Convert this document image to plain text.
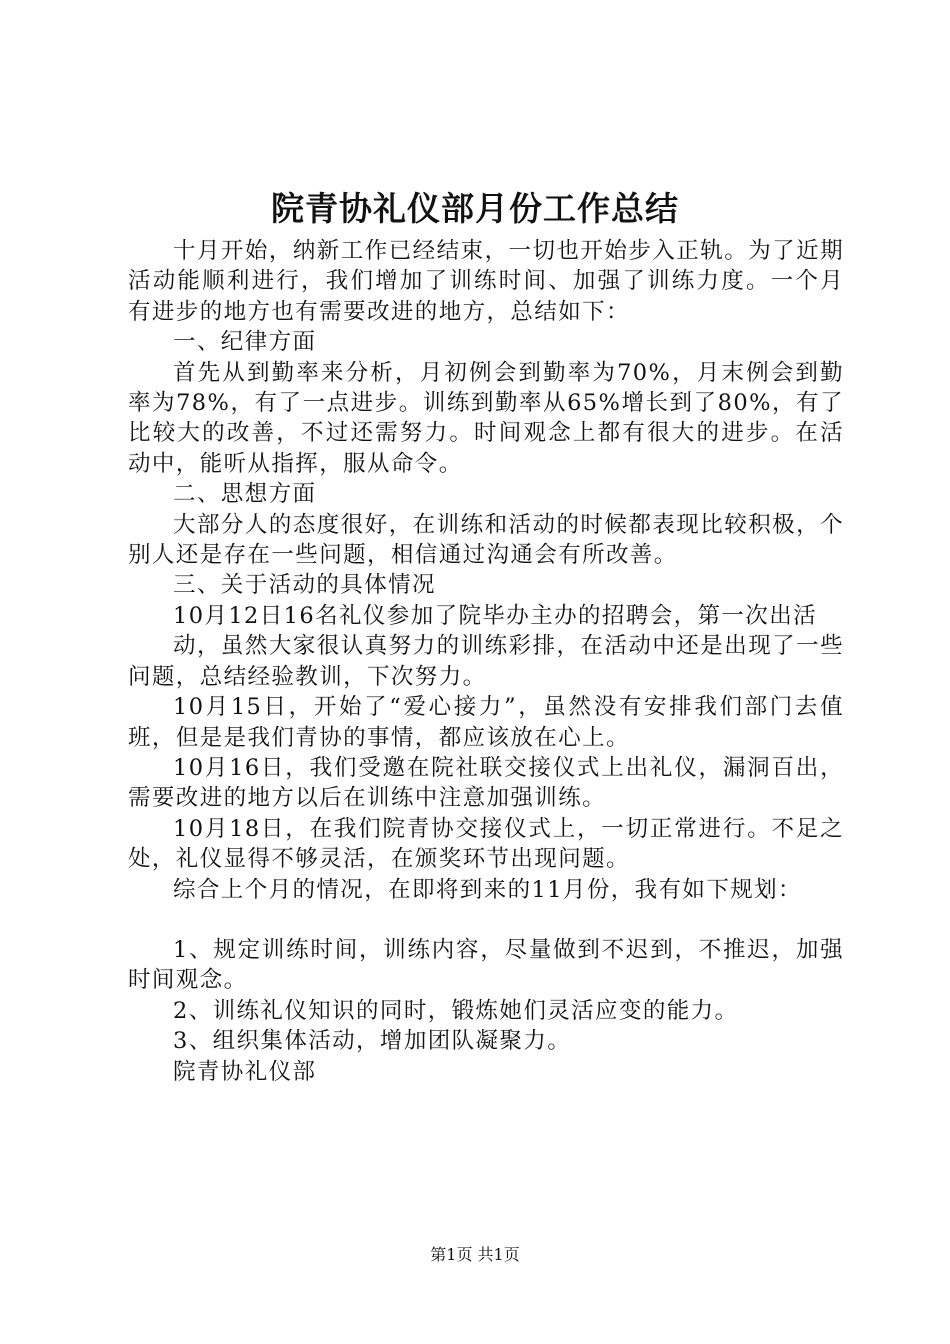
院青协礼仪部月份工作总结

十月开始，纳新工作已经结束，一切也开始步入正轨。为了近期活动能顺利进行，我们增加了训练时间、加强了训练力度。一个月有进步的地方也有需要改进的地方，总结如下：

一、纪律方面

首先从到勤率来分析，月初例会到勤率为70%，月末例会到勤率为78%，有了一点进步。训练到勤率从65%增长到了80%，有了比较大的改善，不过还需努力。时间观念上都有很大的进步。在活动中，能听从指挥，服从命令。

二、思想方面

大部分人的态度很好，在训练和活动的时候都表现比较积极，个别人还是存在一些问题，相信通过沟通会有所改善。

三、关于活动的具体情况

10月12日16名礼仪参加了院毕办主办的招聘会，第一次出活

动，虽然大家很认真努力的训练彩排，在活动中还是出现了一些问题，总结经验教训，下次努力。

10月15日，开始了“爱心接力”，虽然没有安排我们部门去值班，但是是我们青协的事情，都应该放在心上。

10月16日，我们受邀在院社联交接仪式上出礼仪，漏洞百出，需要改进的地方以后在训练中注意加强训练。

10月18日，在我们院青协交接仪式上，一切正常进行。不足之处，礼仪显得不够灵活，在颁奖环节出现问题。

综合上个月的情况，在即将到来的11月份，我有如下规划：

1、规定训练时间，训练内容，尽量做到不迟到，不推迟，加强时间观念。

2、训练礼仪知识的同时，锻炼她们灵活应变的能力。

3、组织集体活动，增加团队凝聚力。

院青协礼仪部

第1页 共1页
